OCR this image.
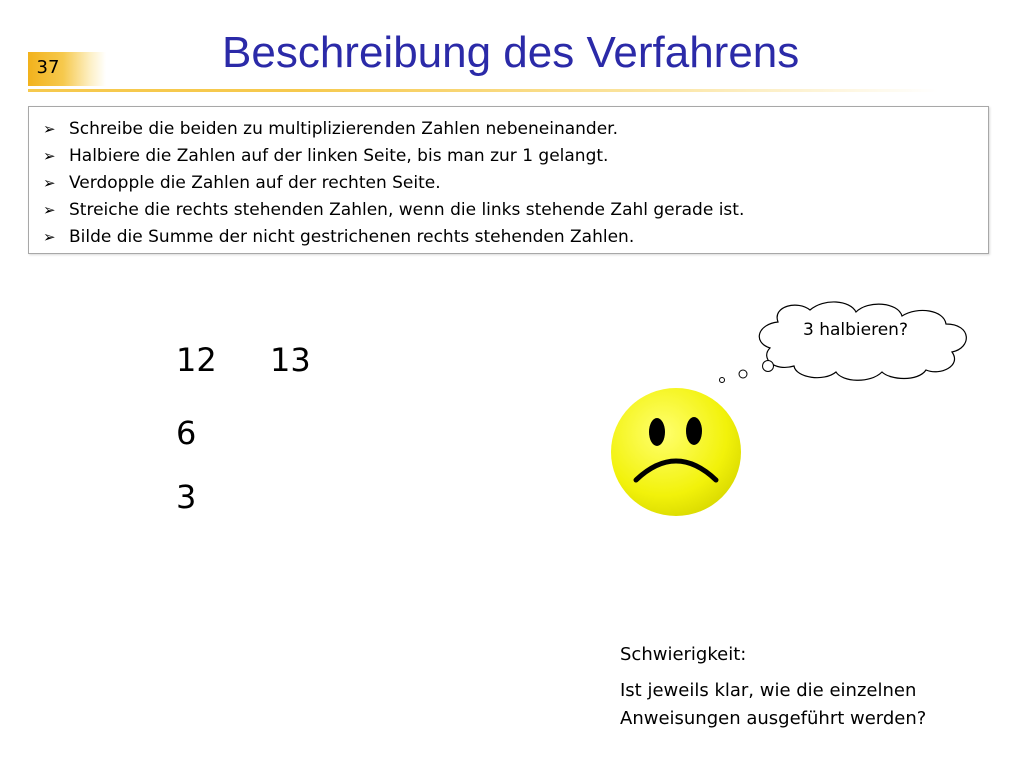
37	Beschreibung des Verfahrens
➢ Schreibe die beiden zu multiplizierenden Zahlen nebeneinander.
➢ Halbiere die Zahlen auf der linken Seite, bis man zur 1 gelangt.
➢ Verdopple die Zahlen auf der rechten Seite.
➢ Streiche die rechts stehenden Zahlen, wenn die links stehende Zahl gerade ist.
➢ Bilde die Summe der nicht gestrichenen rechts stehenden Zahlen.
12 13
6
3
3 halbieren?

Schwierigkeit:

Ist jeweils klar, wie die einzelnen

Anweisungen ausgeführt werden?
